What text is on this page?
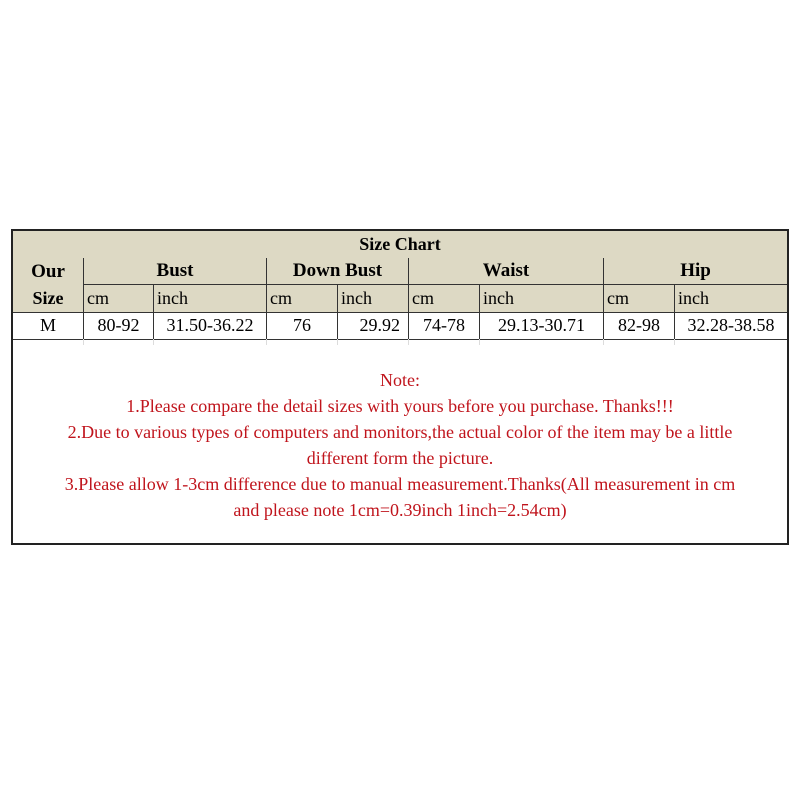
Size Chart
Our	Bust	Down Bust	Waist	Hip
Size	cm	inch	cm	inch	cm	inch	cm	inch
M	80-92	31.50-36.22	76	29.92	74-78	29.13-30.71	82-98	32.28-38.58
Note:
1.Please compare the detail sizes with yours before you purchase. Thanks!!!
2.Due to various types of computers and monitors,the actual color of the item may be a little
different form the picture.
3.Please allow 1-3cm difference due to manual measurement.Thanks(All measurement in cm
and please note 1cm=0.39inch 1inch=2.54cm)
